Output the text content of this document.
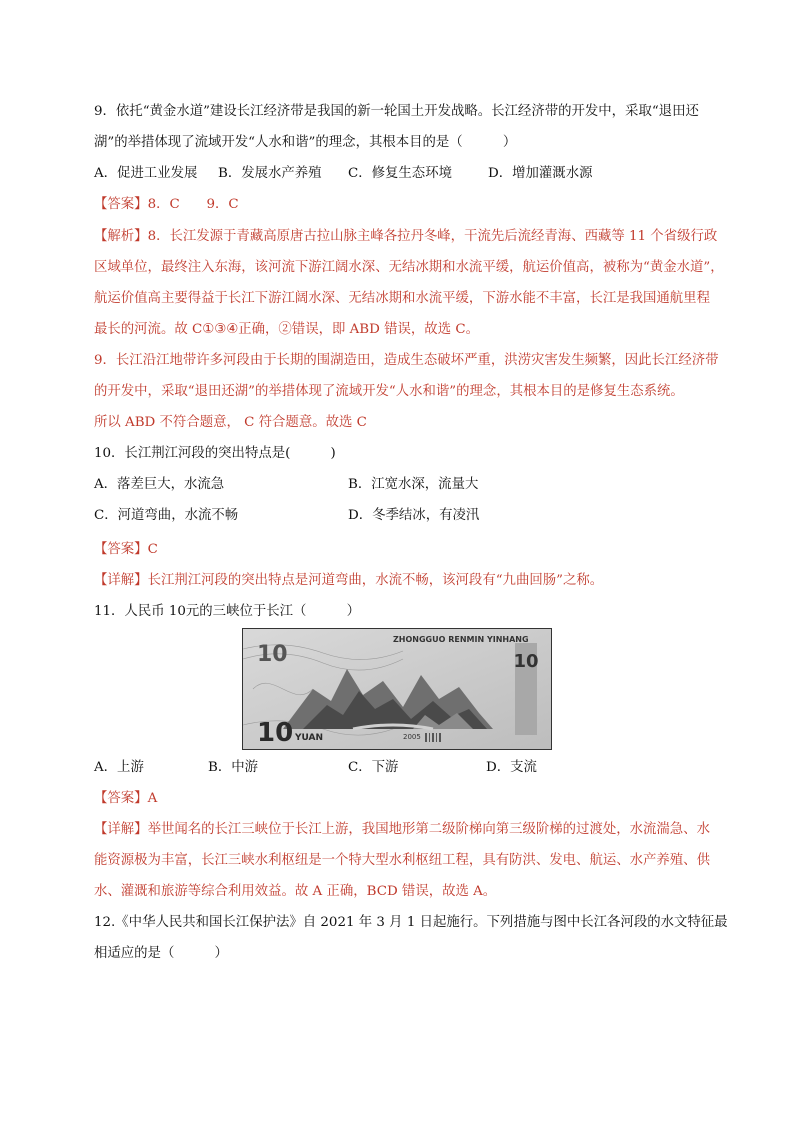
9．依托“黄金水道”建设长江经济带是我国的新一轮国土开发战略。长江经济带的开发中，采取“退田还
湖”的举措体现了流域开发“人水和谐”的理念，其根本目的是（　　　）
A．促进工业发展 B．发展水产养殖 C．修复生态环境	D．增加灌溉水源
【答案】8．C　　9．C
【解析】8．长江发源于青藏高原唐古拉山脉主峰各拉丹冬峰，干流先后流经青海、西藏等 11 个省级行政
区域单位，最终注入东海，该河流下游江阔水深、无结冰期和水流平缓，航运价值高，被称为“黄金水道”，
航运价值高主要得益于长江下游江阔水深、无结冰期和水流平缓，下游水能不丰富，长江是我国通航里程
最长的河流。故 C①③④正确，②错误，即 ABD 错误，故选 C。
9．长江沿江地带许多河段由于长期的围湖造田，造成生态破坏严重，洪涝灾害发生频繁，因此长江经济带
的开发中，采取“退田还湖”的举措体现了流域开发“人水和谐”的理念，其根本目的是修复生态系统。
所以 ABD 不符合题意， C 符合题意。故选 C
10．长江荆江河段的突出特点是(　　　)
A．落差巨大，水流急	B．江宽水深，流量大
C．河道弯曲，水流不畅	D．冬季结冰，有凌汛
【答案】C
【详解】长江荆江河段的突出特点是河道弯曲，水流不畅，该河段有“九曲回肠”之称。
11．人民币 10元的三峡位于长江（　　　）
10
ZHONGGUO RENMIN YINHANG
10
10 YUAN	2005
A．上游	B．中游	C．下游	D．支流
【答案】A
【详解】举世闻名的长江三峡位于长江上游，我国地形第二级阶梯向第三级阶梯的过渡处，水流湍急、水
能资源极为丰富，长江三峡水利枢纽是一个特大型水利枢纽工程，具有防洪、发电、航运、水产养殖、供
水、灌溉和旅游等综合利用效益。故 A 正确，BCD 错误，故选 A。
12.《中华人民共和国长江保护法》自 2021 年 3 月 1 日起施行。下列措施与图中长江各河段的水文特征最
相适应的是（　　　）
